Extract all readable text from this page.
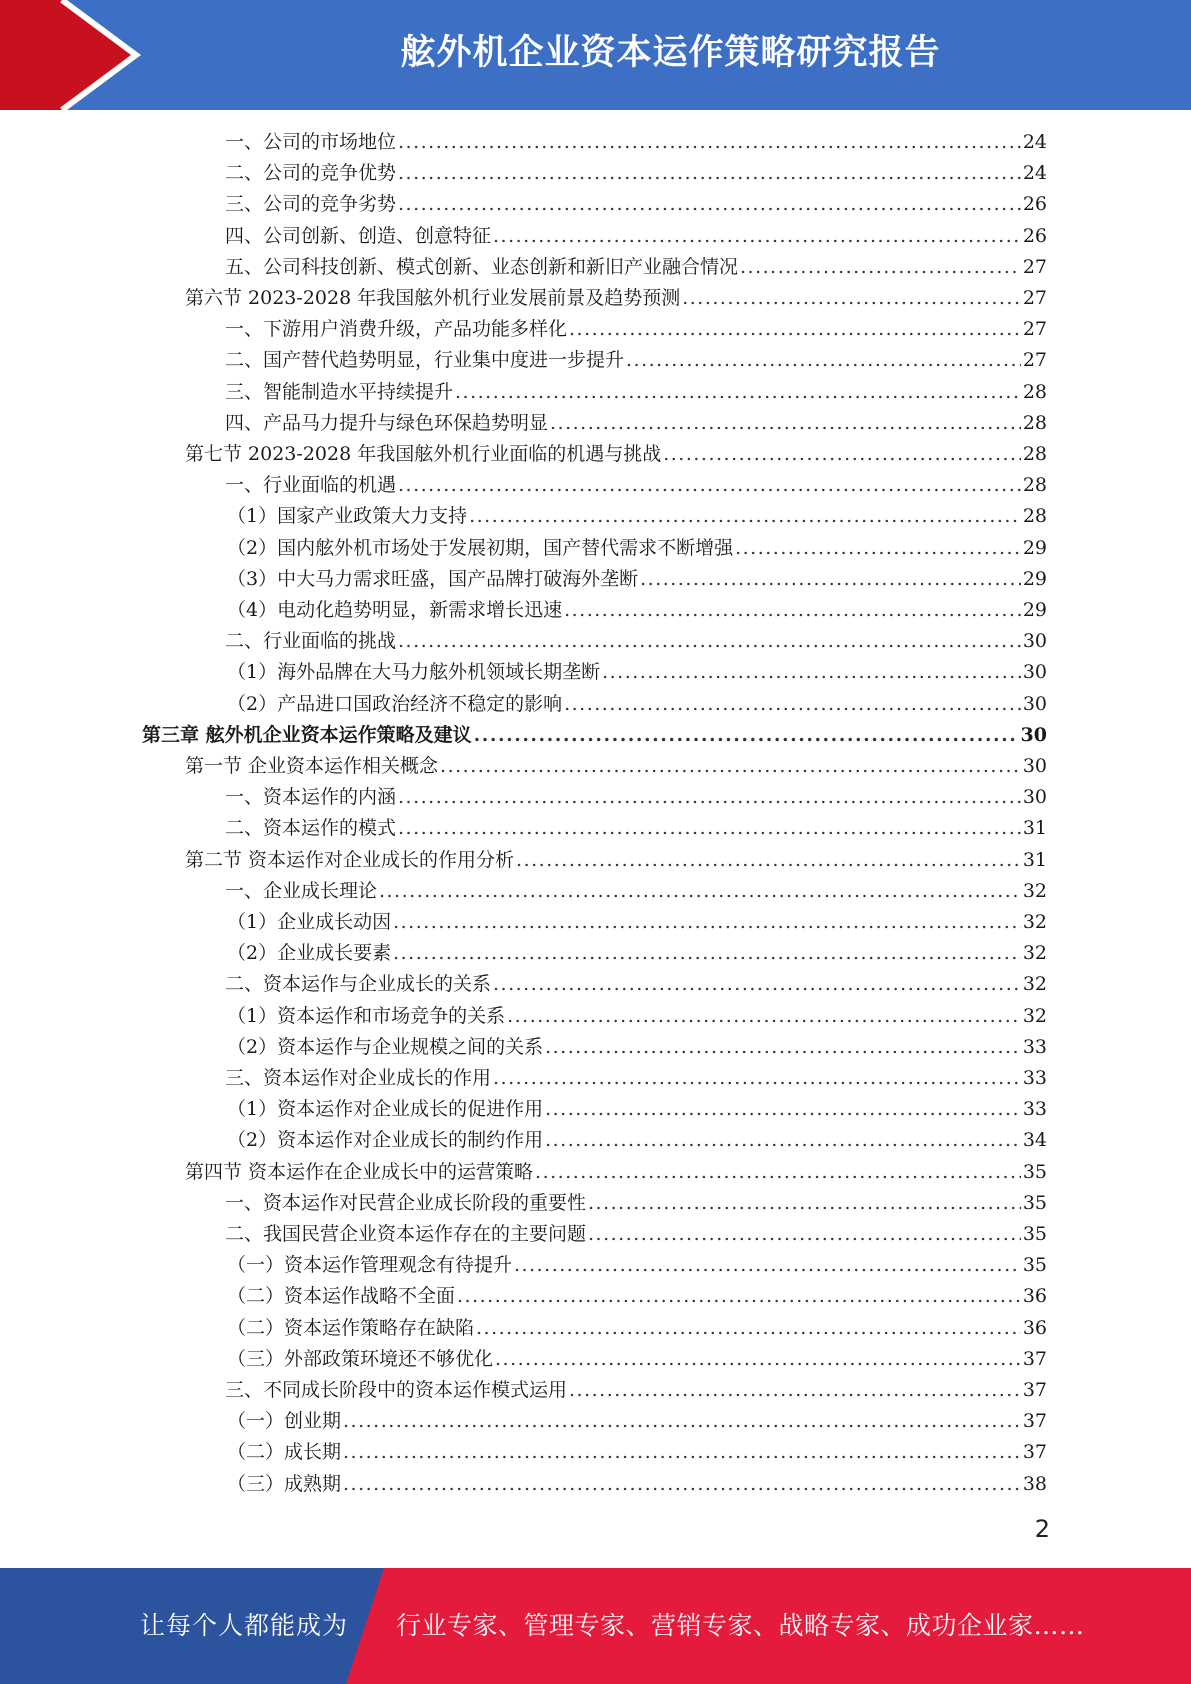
舷外机企业资本运作策略研究报告
一、公司的市场地位 .....	24
二、公司的竞争优势 .....	24
三、公司的竞争劣势 .....	26
四、公司创新、创造、创意特征 .....	26
五、公司科技创新、模式创新、业态创新和新旧产业融合情况 .....	27
第六节 2023-2028 年我国舷外机行业发展前景及趋势预测 .....	27
一、下游用户消费升级，产品功能多样化 .....	27
二、国产替代趋势明显，行业集中度进一步提升 .....	27
三、智能制造水平持续提升 .....	28
四、产品马力提升与绿色环保趋势明显 .....	28
第七节 2023-2028 年我国舷外机行业面临的机遇与挑战 .....	28
一、行业面临的机遇 .....	28
（1）国家产业政策大力支持 .....	28
（2）国内舷外机市场处于发展初期，国产替代需求不断增强 .....	29
（3）中大马力需求旺盛，国产品牌打破海外垄断 .....	29
（4）电动化趋势明显，新需求增长迅速 .....	29
二、行业面临的挑战 .....	30
（1）海外品牌在大马力舷外机领域长期垄断 .....	30
（2）产品进口国政治经济不稳定的影响 .....	30
第三章 舷外机企业资本运作策略及建议 .....	30
第一节 企业资本运作相关概念 .....	30
一、资本运作的内涵 .....	30
二、资本运作的模式 .....	31
第二节 资本运作对企业成长的作用分析 .....	31
一、企业成长理论 .....	32
（1）企业成长动因 .....	32
（2）企业成长要素 .....	32
二、资本运作与企业成长的关系 .....	32
（1）资本运作和市场竞争的关系 .....	32
（2）资本运作与企业规模之间的关系 .....	33
三、资本运作对企业成长的作用 .....	33
（1）资本运作对企业成长的促进作用 .....	33
（2）资本运作对企业成长的制约作用 .....	34
第四节 资本运作在企业成长中的运营策略 .....	35
一、资本运作对民营企业成长阶段的重要性 .....	35
二、我国民营企业资本运作存在的主要问题 .....	35
（一）资本运作管理观念有待提升 .....	35
（二）资本运作战略不全面 .....	36
（二）资本运作策略存在缺陷 .....	36
（三）外部政策环境还不够优化 .....	37
三、不同成长阶段中的资本运作模式运用 .....	37
（一）创业期 .....	37
（二）成长期 .....	37
（三）成熟期 .....	38
2
让每个人都能成为 行业专家、管理专家、营销专家、战略专家、成功企业家……
